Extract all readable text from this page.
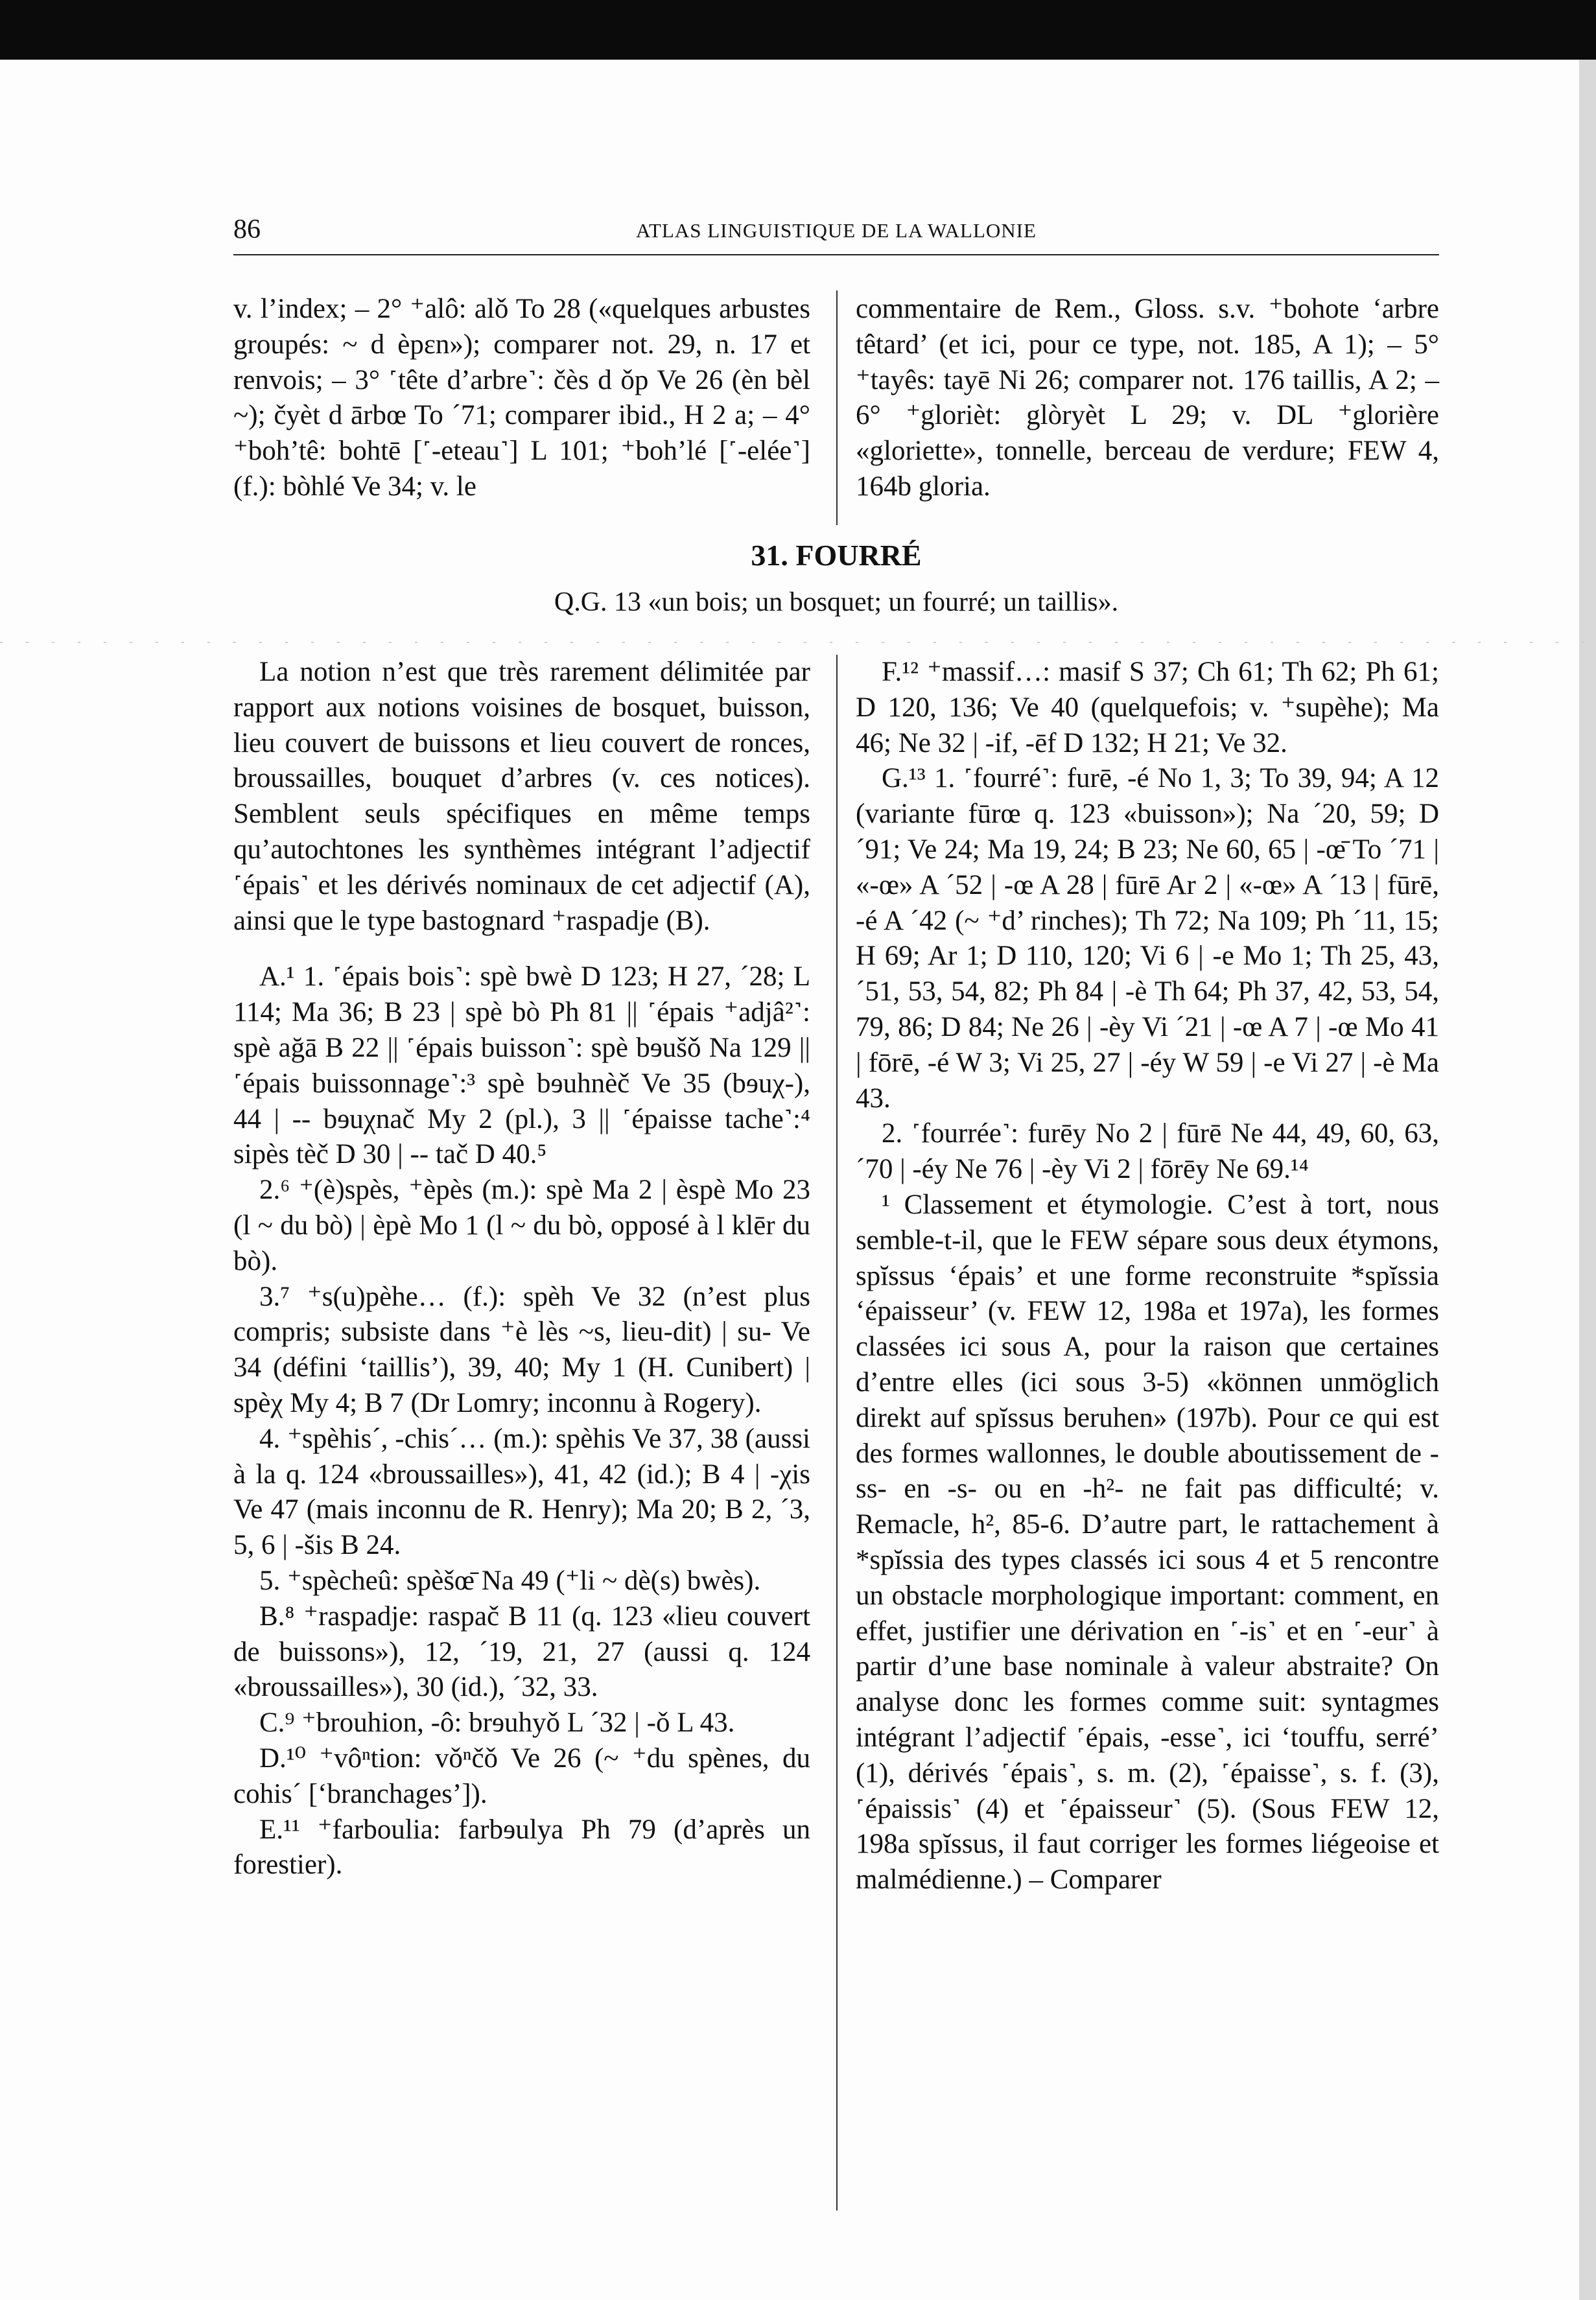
86	ATLAS LINGUISTIQUE DE LA WALLONIE

v. l’index; – 2° ⁺alô: alǒ To 28 («quelques arbustes groupés: ~ d èpɛn»); comparer not. 29, n. 17 et renvois; – 3° ˹tête d’arbre˺: čès d ǒp Ve 26 (èn bèl ~); čyèt d ārbœ To ´71; comparer ibid., H 2 a; – 4° ⁺boh’tê: bohtē [˹-eteau˺] L 101; ⁺boh’lé [˹-elée˺] (f.): bòhlé Ve 34; v. le

commentaire de Rem., Gloss. s.v. ⁺bohote ‘arbre têtard’ (et ici, pour ce type, not. 185, A 1); – 5° ⁺tayês: tayē Ni 26; comparer not. 176 taillis, A 2; – 6° ⁺glorièt: glòryèt L 29; v. DL ⁺glorière «gloriette», tonnelle, berceau de verdure; FEW 4, 164b gloria.

31. FOURRÉ
Q.G. 13 «un bois; un bosquet; un fourré; un taillis».

La notion n’est que très rarement délimitée par rapport aux notions voisines de bosquet, buisson, lieu couvert de buissons et lieu couvert de ronces, broussailles, bouquet d’arbres (v. ces notices). Semblent seuls spécifiques en même temps qu’autochtones les synthèmes intégrant l’adjectif ˹épais˺ et les dérivés nominaux de cet adjectif (A), ainsi que le type bastognard ⁺raspadje (B).

A.¹ 1. ˹épais bois˺: spè bwè D 123; H 27, ´28; L 114; Ma 36; B 23 | spè bò Ph 81 || ˹épais ⁺adjâ²˺: spè ağā B 22 || ˹épais buisson˺: spè bɘušǒ Na 129 || ˹épais buissonnage˺:³ spè bɘuhnèč Ve 35 (bɘuχ-), 44 | -- bɘuχnač My 2 (pl.), 3 || ˹épaisse tache˺:⁴ sipès tèč D 30 | -- tač D 40.⁵

2.⁶ ⁺(è)spès, ⁺èpès (m.): spè Ma 2 | èspè Mo 23 (l ~ du bò) | èpè Mo 1 (l ~ du bò, opposé à l klēr du bò).

3.⁷ ⁺s(u)pèhe… (f.): spèh Ve 32 (n’est plus compris; subsiste dans ⁺è lès ~s, lieu-dit) | su- Ve 34 (défini ‘taillis’), 39, 40; My 1 (H. Cunibert) | spèχ My 4; B 7 (Dr Lomry; inconnu à Rogery).

4. ⁺spèhis´, -chis´… (m.): spèhis Ve 37, 38 (aussi à la q. 124 «broussailles»), 41, 42 (id.); B 4 | -χis Ve 47 (mais inconnu de R. Henry); Ma 20; B 2, ´3, 5, 6 | -šis B 24.

5. ⁺spècheû: spèšœ̄ Na 49 (⁺li ~ dè(s) bwès).

B.⁸ ⁺raspadje: raspač B 11 (q. 123 «lieu couvert de buissons»), 12, ´19, 21, 27 (aussi q. 124 «broussailles»), 30 (id.), ´32, 33.

C.⁹ ⁺brouhion, -ô: brɘuhyǒ L ´32 | -ǒ L 43.

D.¹⁰ ⁺vôⁿtion: vǒⁿčǒ Ve 26 (~ ⁺du spènes, du cohis´ [‘branchages’]).

E.¹¹ ⁺farboulia: farbɘulya Ph 79 (d’après un forestier).

F.¹² ⁺massif…: masif S 37; Ch 61; Th 62; Ph 61; D 120, 136; Ve 40 (quelquefois; v. ⁺supèhe); Ma 46; Ne 32 | -if, -ēf D 132; H 21; Ve 32.

G.¹³ 1. ˹fourré˺: furē, -é No 1, 3; To 39, 94; A 12 (variante fūrœ q. 123 «buisson»); Na ´20, 59; D ´91; Ve 24; Ma 19, 24; B 23; Ne 60, 65 | -œ̄ To ´71 | «-œ» A ´52 | -œ A 28 | fūrē Ar 2 | «-œ» A ´13 | fūrē, -é A ´42 (~ ⁺d’ rinches); Th 72; Na 109; Ph ´11, 15; H 69; Ar 1; D 110, 120; Vi 6 | -e Mo 1; Th 25, 43, ´51, 53, 54, 82; Ph 84 | -è Th 64; Ph 37, 42, 53, 54, 79, 86; D 84; Ne 26 | -èy Vi ´21 | -œ A 7 | -œ Mo 41 | fōrē, -é W 3; Vi 25, 27 | -éy W 59 | -e Vi 27 | -è Ma 43.

2. ˹fourrée˺: furēy No 2 | fūrē Ne 44, 49, 60, 63, ´70 | -éy Ne 76 | -èy Vi 2 | fōrēy Ne 69.¹⁴

¹ Classement et étymologie. C’est à tort, nous semble-t-il, que le FEW sépare sous deux étymons, spĭssus ‘épais’ et une forme reconstruite *spĭssia ‘épaisseur’ (v. FEW 12, 198a et 197a), les formes classées ici sous A, pour la raison que certaines d’entre elles (ici sous 3-5) «können unmöglich direkt auf spĭssus beruhen» (197b). Pour ce qui est des formes wallonnes, le double aboutissement de -ss- en -s- ou en -h²- ne fait pas difficulté; v. Remacle, h², 85-6. D’autre part, le rattachement à *spĭssia des types classés ici sous 4 et 5 rencontre un obstacle morphologique important: comment, en effet, justifier une dérivation en ˹-is˺ et en ˹-eur˺ à partir d’une base nominale à valeur abstraite? On analyse donc les formes comme suit: syntagmes intégrant l’adjectif ˹épais, -esse˺, ici ‘touffu, serré’ (1), dérivés ˹épais˺, s. m. (2), ˹épaisse˺, s. f. (3), ˹épaissis˺ (4) et ˹épaisseur˺ (5). (Sous FEW 12, 198a spĭssus, il faut corriger les formes liégeoise et malmédienne.) – Comparer
